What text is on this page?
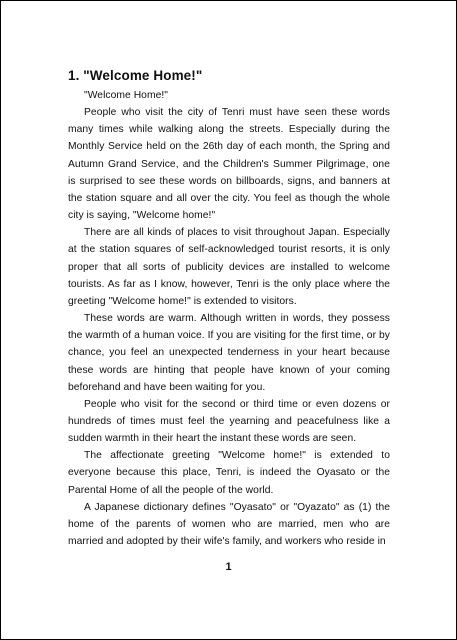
1. "Welcome Home!"

"Welcome Home!"

People who visit the city of Tenri must have seen these words many times while walking along the streets. Especially during the Monthly Service held on the 26th day of each month, the Spring and Autumn Grand Service, and the Children's Summer Pilgrimage, one is surprised to see these words on billboards, signs, and banners at the station square and all over the city. You feel as though the whole city is saying, "Welcome home!"

There are all kinds of places to visit throughout Japan. Especially at the station squares of self-acknowledged tourist resorts, it is only proper that all sorts of publicity devices are installed to welcome tourists. As far as I know, however, Tenri is the only place where the greeting "Welcome home!" is extended to visitors.

These words are warm. Although written in words, they possess the warmth of a human voice. If you are visiting for the first time, or by chance, you feel an unexpected tenderness in your heart because these words are hinting that people have known of your coming beforehand and have been waiting for you.

People who visit for the second or third time or even dozens or hundreds of times must feel the yearning and peacefulness like a sudden warmth in their heart the instant these words are seen.

The affectionate greeting "Welcome home!" is extended to everyone because this place, Tenri, is indeed the Oyasato or the Parental Home of all the people of the world.

A Japanese dictionary defines "Oyasato" or "Oyazato" as (1) the home of the parents of women who are married, men who are married and adopted by their wife's family, and workers who reside in

1
